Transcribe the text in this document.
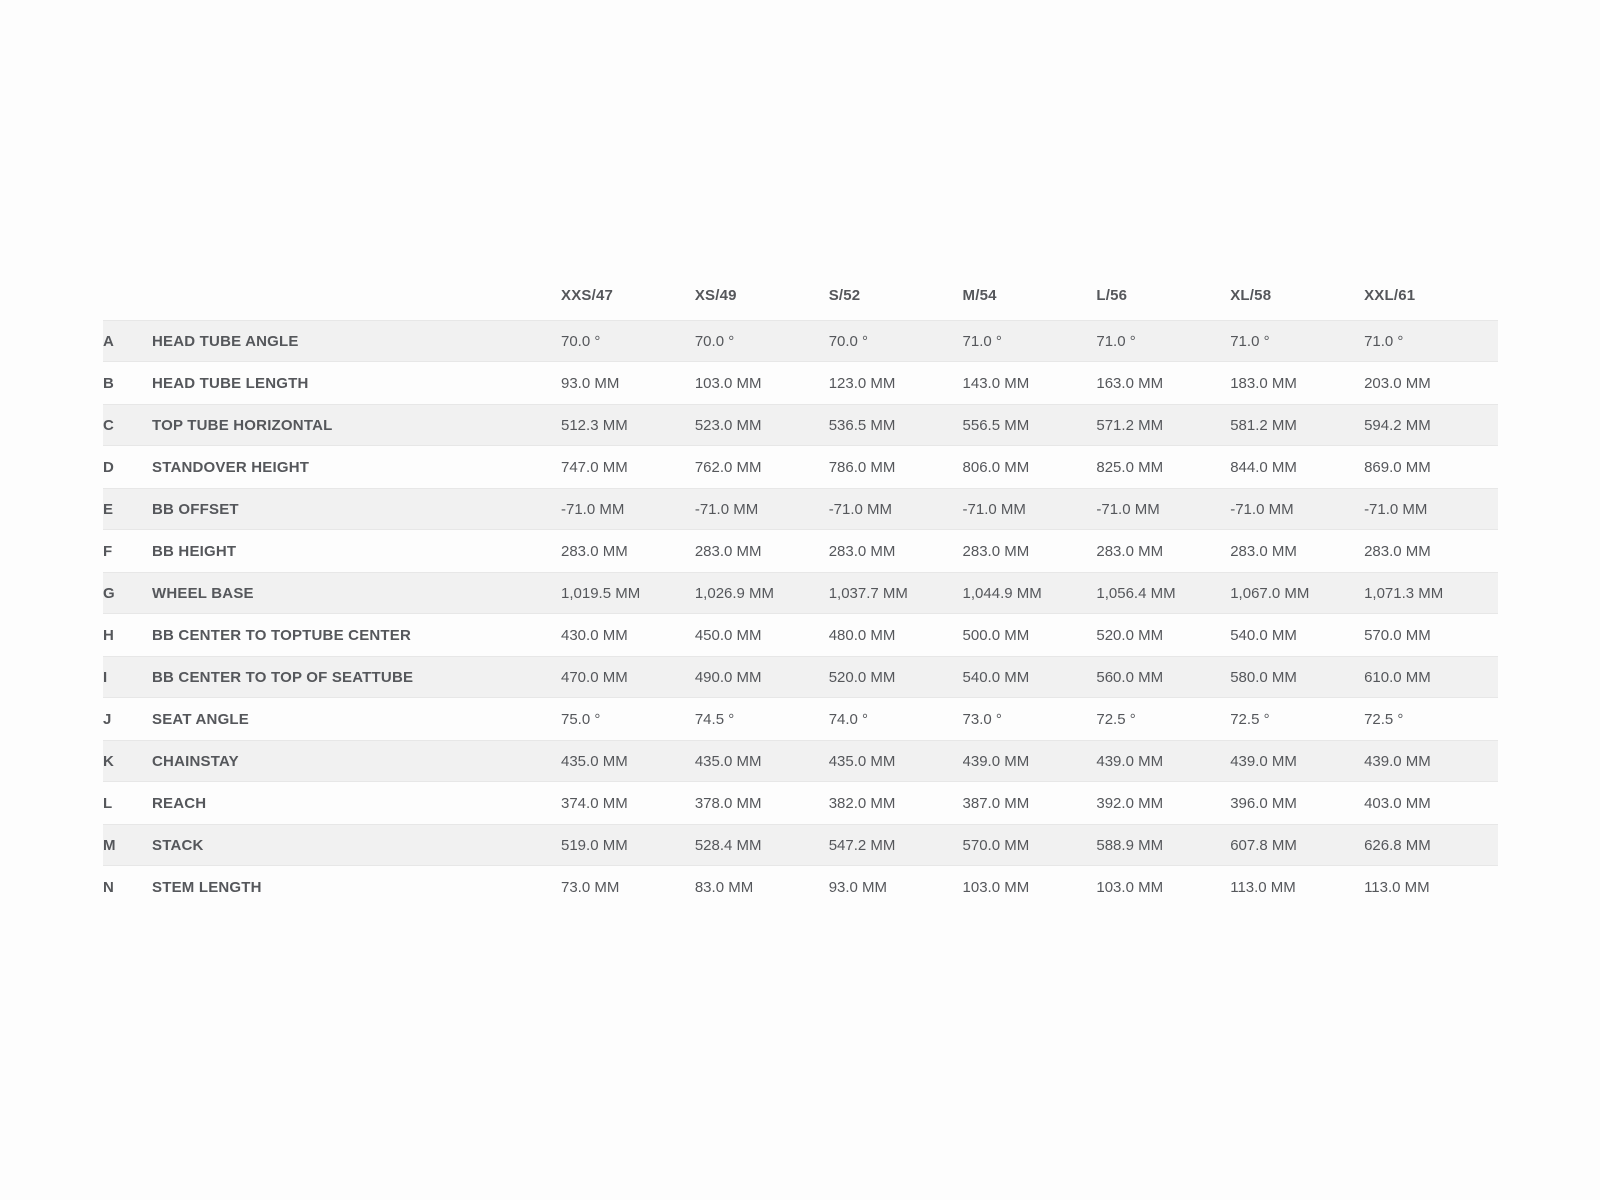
		XXS/47	XS/49	S/52	M/54	L/56	XL/58	XXL/61
A	HEAD TUBE ANGLE	70.0 °	70.0 °	70.0 °	71.0 °	71.0 °	71.0 °	71.0 °
B	HEAD TUBE LENGTH	93.0 MM	103.0 MM	123.0 MM	143.0 MM	163.0 MM	183.0 MM	203.0 MM
C	TOP TUBE HORIZONTAL	512.3 MM	523.0 MM	536.5 MM	556.5 MM	571.2 MM	581.2 MM	594.2 MM
D	STANDOVER HEIGHT	747.0 MM	762.0 MM	786.0 MM	806.0 MM	825.0 MM	844.0 MM	869.0 MM
E	BB OFFSET	-71.0 MM	-71.0 MM	-71.0 MM	-71.0 MM	-71.0 MM	-71.0 MM	-71.0 MM
F	BB HEIGHT	283.0 MM	283.0 MM	283.0 MM	283.0 MM	283.0 MM	283.0 MM	283.0 MM
G	WHEEL BASE	1,019.5 MM	1,026.9 MM	1,037.7 MM	1,044.9 MM	1,056.4 MM	1,067.0 MM	1,071.3 MM
H	BB CENTER TO TOPTUBE CENTER	430.0 MM	450.0 MM	480.0 MM	500.0 MM	520.0 MM	540.0 MM	570.0 MM
I	BB CENTER TO TOP OF SEATTUBE	470.0 MM	490.0 MM	520.0 MM	540.0 MM	560.0 MM	580.0 MM	610.0 MM
J	SEAT ANGLE	75.0 °	74.5 °	74.0 °	73.0 °	72.5 °	72.5 °	72.5 °
K	CHAINSTAY	435.0 MM	435.0 MM	435.0 MM	439.0 MM	439.0 MM	439.0 MM	439.0 MM
L	REACH	374.0 MM	378.0 MM	382.0 MM	387.0 MM	392.0 MM	396.0 MM	403.0 MM
M	STACK	519.0 MM	528.4 MM	547.2 MM	570.0 MM	588.9 MM	607.8 MM	626.8 MM
N	STEM LENGTH	73.0 MM	83.0 MM	93.0 MM	103.0 MM	103.0 MM	113.0 MM	113.0 MM
